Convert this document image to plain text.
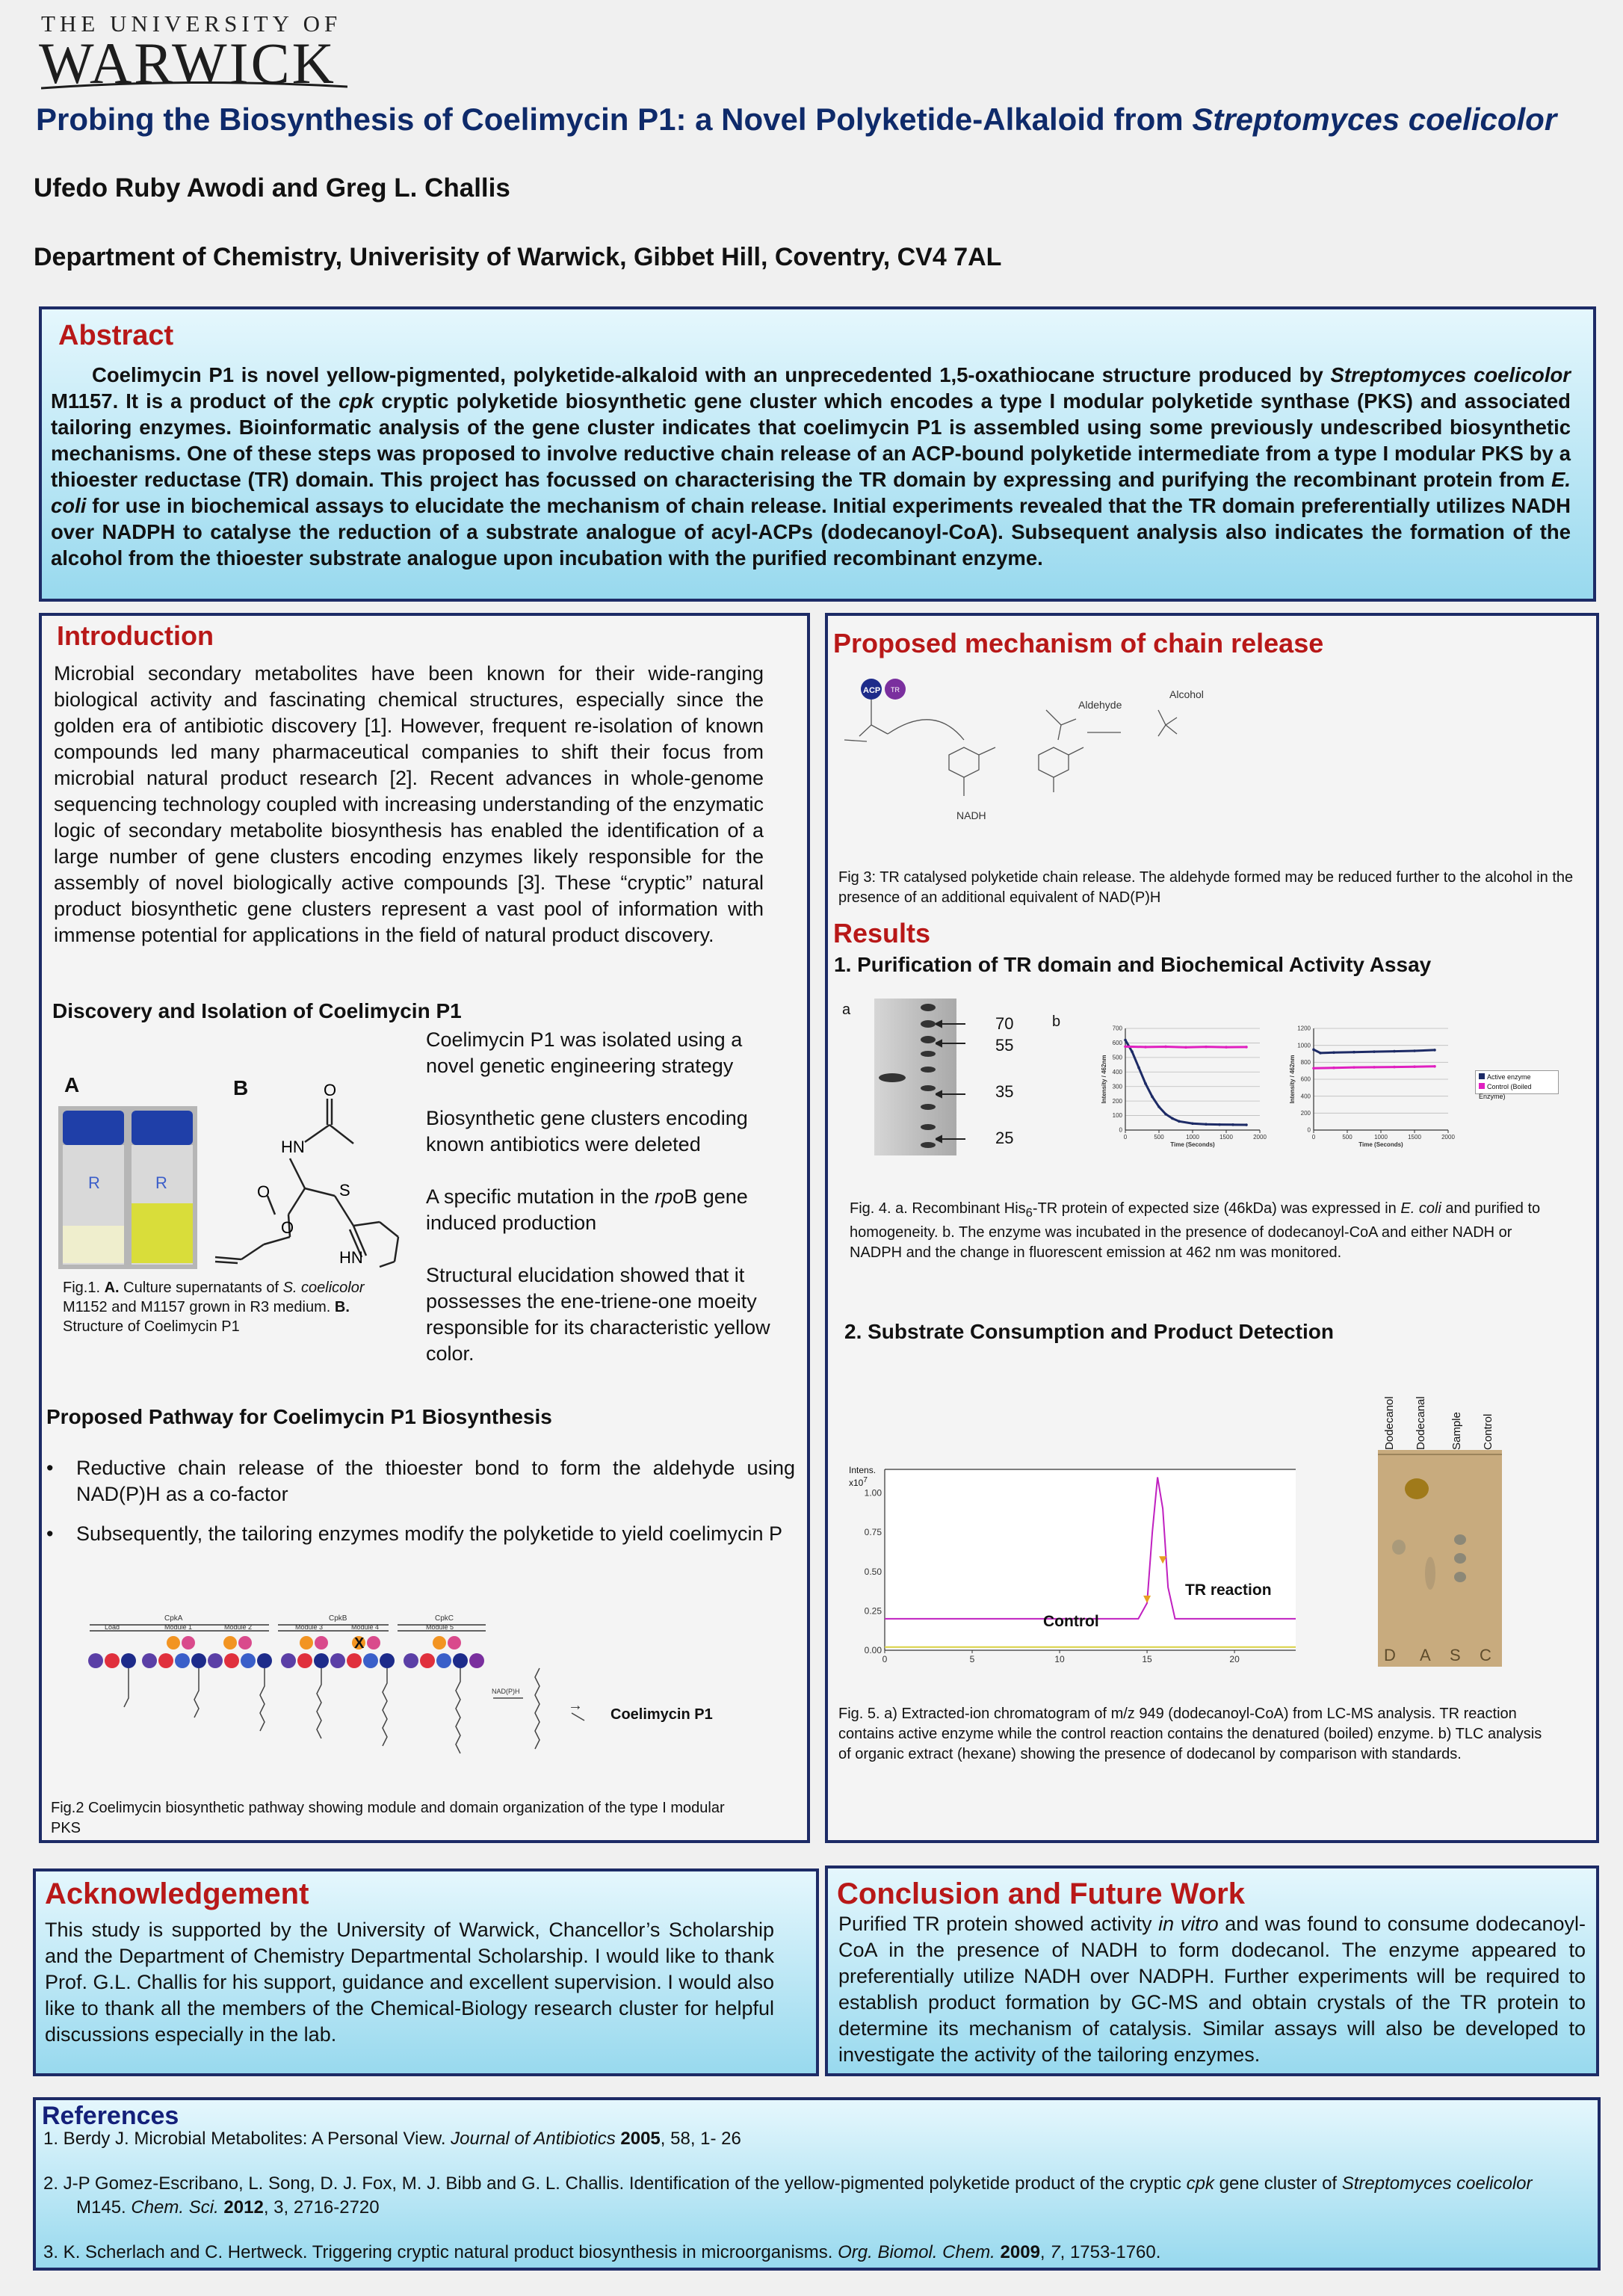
THE UNIVERSITY OF
WARWICK
Probing the Biosynthesis of Coelimycin P1: a Novel Polyketide-Alkaloid from Streptomyces coelicolor
Ufedo Ruby Awodi and Greg L. Challis
Department of Chemistry, Univerisity of Warwick, Gibbet Hill, Coventry, CV4 7AL
Abstract
Coelimycin P1 is novel yellow-pigmented, polyketide-alkaloid with an unprecedented 1,5-oxathiocane structure produced by Streptomyces coelicolor M1157. It is a product of the cpk cryptic polyketide biosynthetic gene cluster which encodes a type I modular polyketide synthase (PKS) and associated tailoring enzymes. Bioinformatic analysis of the gene cluster indicates that coelimycin P1 is assembled using some previously undescribed biosynthetic mechanisms. One of these steps was proposed to involve reductive chain release of an ACP-bound polyketide intermediate from a type I modular PKS by a thioester reductase (TR) domain. This project has focussed on characterising the TR domain by expressing and purifying the recombinant protein from E. coli for use in biochemical assays to elucidate the mechanism of chain release. Initial experiments revealed that the TR domain preferentially utilizes NADH over NADPH to catalyse the reduction of a substrate analogue of acyl-ACPs (dodecanoyl-CoA). Subsequent analysis also indicates the formation of the alcohol from the thioester substrate analogue upon incubation with the purified recombinant enzyme.
Introduction
Microbial secondary metabolites have been known for their wide-ranging biological activity and fascinating chemical structures, especially since the golden era of antibiotic discovery [1]. However, frequent re-isolation of known compounds led many pharmaceutical companies to shift their focus from microbial natural product research [2]. Recent advances in whole-genome sequencing technology coupled with increasing understanding of the enzymatic logic of secondary metabolite biosynthesis has enabled the identification of a large number of gene clusters encoding enzymes likely responsible for the assembly of novel biologically active compounds [3]. These “cryptic” natural product biosynthetic gene clusters represent a vast pool of information with immense potential for applications in the field of natural product discovery.
Discovery and Isolation of Coelimycin P1
A	B
R	R
O
HN
O
O
S
HN
Coelimycin P1 was isolated using a novel genetic engineering strategy
Biosynthetic gene clusters encoding known antibiotics were deleted
A specific mutation in the rpoB gene induced production
Structural elucidation showed that it possesses the ene-triene-one moeity responsible for its characteristic yellow color.
Fig.1. A. Culture supernatants of S. coelicolor M1152 and M1157 grown in R3 medium. B. Structure of Coelimycin P1
Proposed Pathway for Coelimycin P1 Biosynthesis
• Reductive chain release of the thioester bond to form the aldehyde using NAD(P)H as a co-factor
• Subsequently, the tailoring enzymes modify the polyketide to yield coelimycin P
CpkA	CpkB	CpkC
Load	Module 1	Module 2	Module 3	Module 4	Module 5
X
NAD(P)H
→
Coelimycin P1
Fig.2 Coelimycin biosynthetic pathway showing module and domain organization of the type I modular PKS
Proposed mechanism of chain release
ACP TR
Aldehyde
Alcohol
NADH
Fig 3: TR catalysed polyketide chain release. The aldehyde formed may be reduced further to the alcohol in the presence of an additional equivalent of NAD(P)H
Results
1. Purification of TR domain and Biochemical Activity Assay
a
b
70
55
35
25	0
100
200
300
400
500
600
700
0	500	1000	1500	2000
Time (Seconds)
Intensity / 462nm
0
200
400
600
800
1000
1200
0	500	1000	1500	2000
Time (Seconds)
Intensity / 462nm	Active enzyme
Control (Boiled Enzyme)
Fig. 4. a. Recombinant His$_6$-TR protein of expected size (46kDa) was expressed in E. coli and purified to homogeneity. b. The enzyme was incubated in the presence of dodecanoyl-CoA and either NADH or NADPH and the change in fluorescent emission at 462 nm was monitored.
2. Substrate Consumption and Product Detection
0.00
0.25
0.50
0.75
1.00
0	5	10	15	20
Intens.
$x10^7$
TR reaction
Control
D A S C
Dodecanol Dodecanal Sample Control
Fig. 5. a) Extracted-ion chromatogram of m/z 949 (dodecanoyl-CoA) from LC-MS analysis. TR reaction contains active enzyme while the control reaction contains the denatured (boiled) enzyme. b) TLC analysis of organic extract (hexane) showing the presence of dodecanol by comparison with standards.
Acknowledgement
This study is supported by the University of Warwick, Chancellor’s Scholarship and the Department of Chemistry Departmental Scholarship. I would like to thank Prof. G.L. Challis for his support, guidance and excellent supervision. I would also like to thank all the members of the Chemical-Biology research cluster for helpful discussions especially in the lab.
Conclusion and Future Work
Purified TR protein showed activity in vitro and was found to consume dodecanoyl-CoA in the presence of NADH to form dodecanol. The enzyme appeared to preferentially utilize NADH over NADPH. Further experiments will be required to establish product formation by GC-MS and obtain crystals of the TR protein to determine its mechanism of catalysis. Similar assays will also be developed to investigate the activity of the tailoring enzymes.
References
1. Berdy J. Microbial Metabolites: A Personal View. Journal of Antibiotics 2005, 58, 1- 26
2. J-P Gomez-Escribano, L. Song, D. J. Fox, M. J. Bibb and G. L. Challis. Identification of the yellow-pigmented polyketide product of the cryptic cpk gene cluster of Streptomyces coelicolor M145. Chem. Sci. 2012, 3, 2716-2720
3. K. Scherlach and C. Hertweck. Triggering cryptic natural product biosynthesis in microorganisms. Org. Biomol. Chem. 2009, 7, 1753-1760.
